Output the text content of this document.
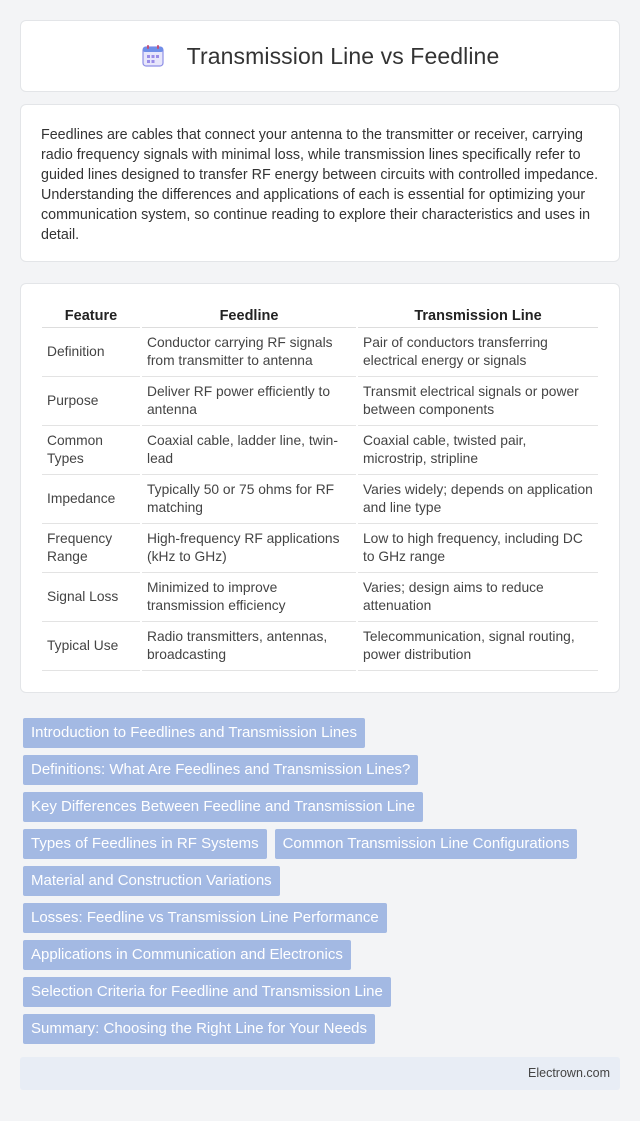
Transmission Line vs Feedline

Feedlines are cables that connect your antenna to the transmitter or receiver, carrying radio frequency signals with minimal loss, while transmission lines specifically refer to guided lines designed to transfer RF energy between circuits with controlled impedance. Understanding the differences and applications of each is essential for optimizing your communication system, so continue reading to explore their characteristics and uses in detail.

Feature	Feedline	Transmission Line
Definition	Conductor carrying RF signals from transmitter to antenna	Pair of conductors transferring electrical energy or signals
Purpose	Deliver RF power efficiently to antenna	Transmit electrical signals or power between components
Common Types	Coaxial cable, ladder line, twin-lead	Coaxial cable, twisted pair, microstrip, stripline
Impedance	Typically 50 or 75 ohms for RF matching	Varies widely; depends on application and line type
Frequency Range	High-frequency RF applications (kHz to GHz)	Low to high frequency, including DC to GHz range
Signal Loss	Minimized to improve transmission efficiency	Varies; design aims to reduce attenuation
Typical Use	Radio transmitters, antennas, broadcasting	Telecommunication, signal routing, power distribution
Introduction to Feedlines and Transmission Lines
Definitions: What Are Feedlines and Transmission Lines?
Key Differences Between Feedline and Transmission Line
Types of Feedlines in RF Systems	Common Transmission Line Configurations
Material and Construction Variations
Losses: Feedline vs Transmission Line Performance
Applications in Communication and Electronics
Selection Criteria for Feedline and Transmission Line
Summary: Choosing the Right Line for Your Needs
Electrown.com
